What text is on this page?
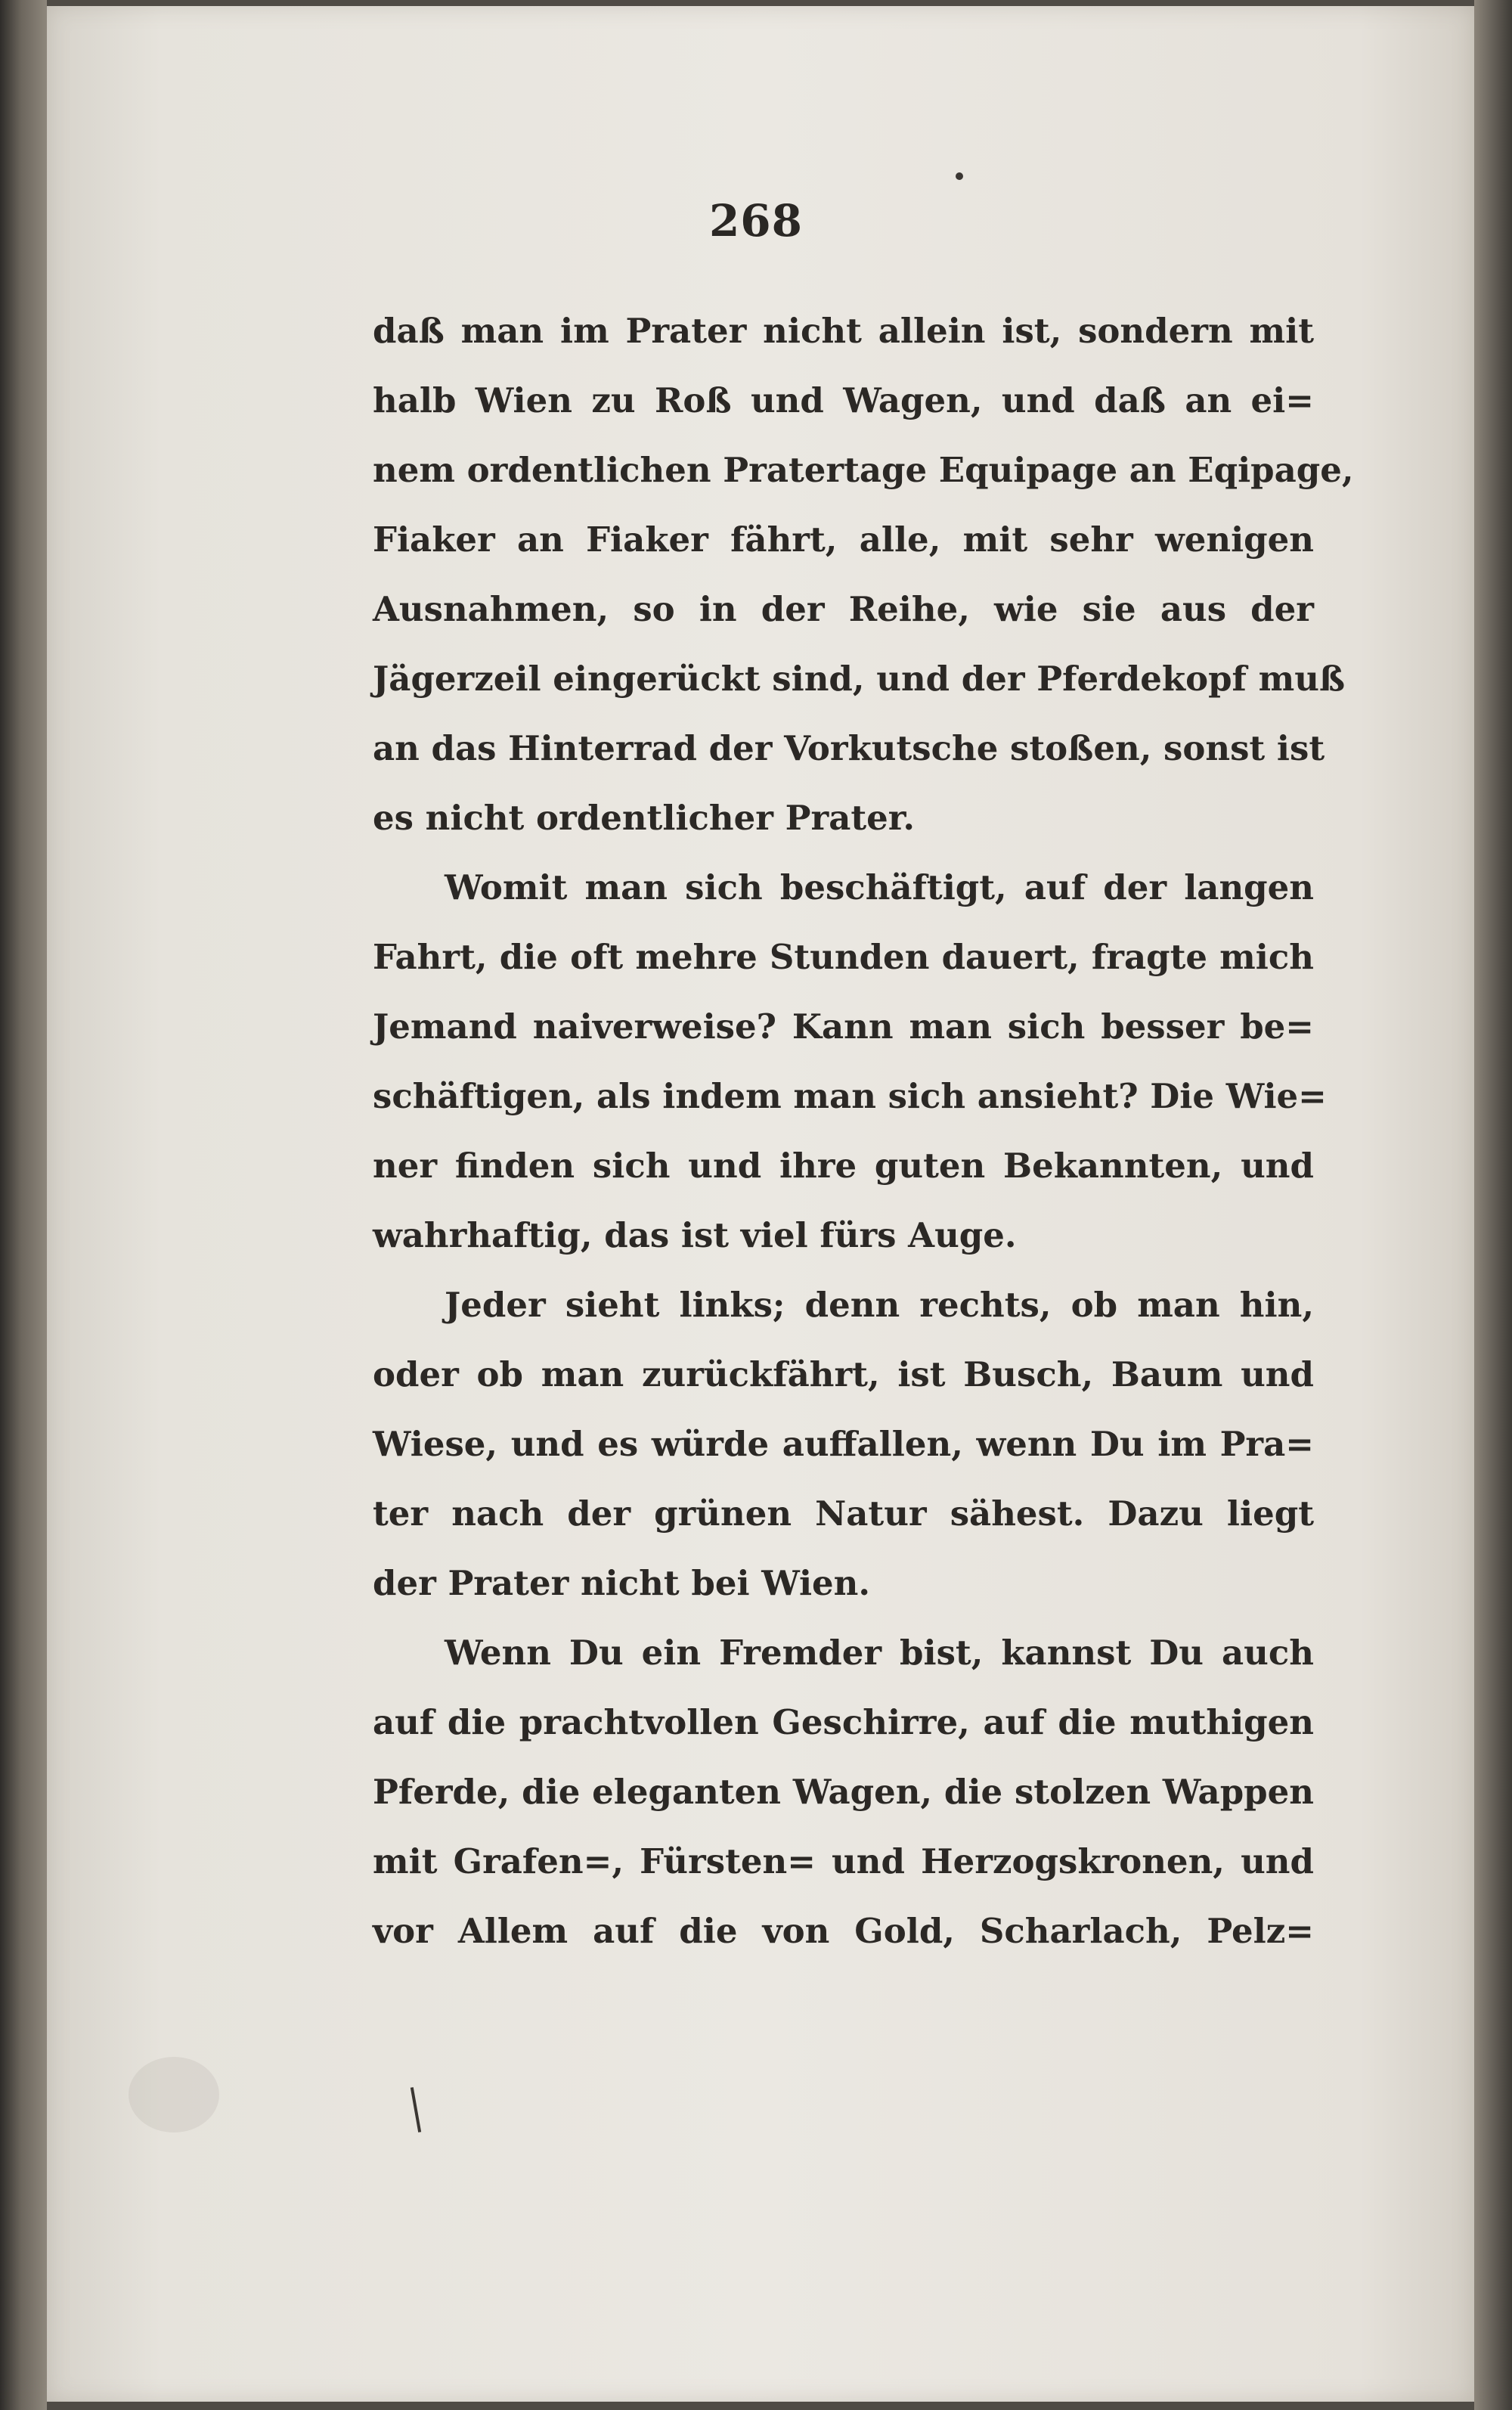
268
daß man im Prater nicht allein ist, sondern mit
halb Wien zu Roß und Wagen, und daß an ei=
nem ordentlichen Pratertage Equipage an Eqipage,
Fiaker an Fiaker fährt, alle, mit sehr wenigen
Ausnahmen, so in der Reihe, wie sie aus der
Jägerzeil eingerückt sind, und der Pferdekopf muß
an das Hinterrad der Vorkutsche stoßen, sonst ist
es nicht ordentlicher Prater.
Womit man sich beschäftigt, auf der langen
Fahrt, die oft mehre Stunden dauert, fragte mich
Jemand naiverweise? Kann man sich besser be=
schäftigen, als indem man sich ansieht? Die Wie=
ner finden sich und ihre guten Bekannten, und
wahrhaftig, das ist viel fürs Auge.
Jeder sieht links; denn rechts, ob man hin,
oder ob man zurückfährt, ist Busch, Baum und
Wiese, und es würde auffallen, wenn Du im Pra=
ter nach der grünen Natur sähest. Dazu liegt
der Prater nicht bei Wien.
Wenn Du ein Fremder bist, kannst Du auch
auf die prachtvollen Geschirre, auf die muthigen
Pferde, die eleganten Wagen, die stolzen Wappen
mit Grafen=, Fürsten= und Herzogskronen, und
vor Allem auf die von Gold, Scharlach, Pelz=
